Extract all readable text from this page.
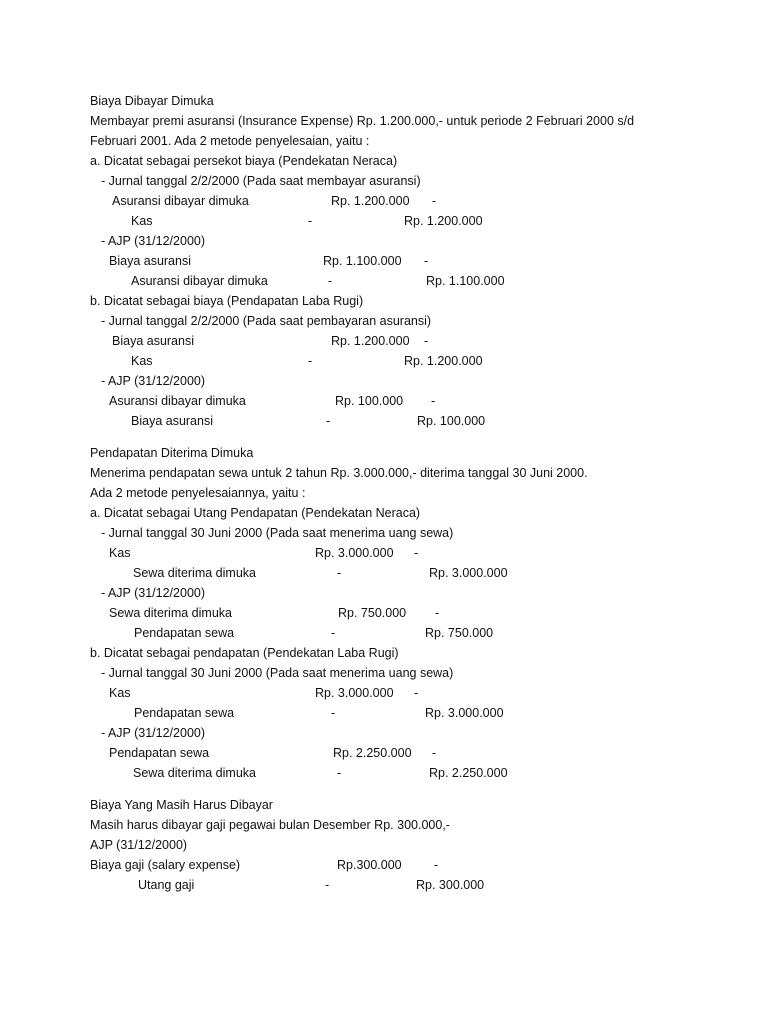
Biaya Dibayar Dimuka
Membayar premi asuransi (Insurance Expense) Rp. 1.200.000,- untuk periode 2 Februari 2000 s/d
Februari 2001. Ada 2 metode penyelesaian, yaitu :
a. Dicatat sebagai persekot biaya (Pendekatan Neraca)
- Jurnal tanggal 2/2/2000 (Pada saat membayar asuransi)
Asuransi dibayar dimuka	Rp. 1.200.000 -
Kas	-	Rp. 1.200.000
- AJP (31/12/2000)
Biaya asuransi	Rp. 1.100.000 -
Asuransi dibayar dimuka	-	Rp. 1.100.000
b. Dicatat sebagai biaya (Pendapatan Laba Rugi)
- Jurnal tanggal 2/2/2000 (Pada saat pembayaran asuransi)
Biaya asuransi	Rp. 1.200.000 -
Kas	-	Rp. 1.200.000
- AJP (31/12/2000)
Asuransi dibayar dimuka	Rp. 100.000 -
Biaya asuransi	-	Rp. 100.000
Pendapatan Diterima Dimuka
Menerima pendapatan sewa untuk 2 tahun Rp. 3.000.000,- diterima tanggal 30 Juni 2000.
Ada 2 metode penyelesaiannya, yaitu :
a. Dicatat sebagai Utang Pendapatan (Pendekatan Neraca)
- Jurnal tanggal 30 Juni 2000 (Pada saat menerima uang sewa)
Kas	Rp. 3.000.000 -
Sewa diterima dimuka	-	Rp. 3.000.000
- AJP (31/12/2000)
Sewa diterima dimuka	Rp. 750.000 -
Pendapatan sewa	-	Rp. 750.000
b. Dicatat sebagai pendapatan (Pendekatan Laba Rugi)
- Jurnal tanggal 30 Juni 2000 (Pada saat menerima uang sewa)
Kas	Rp. 3.000.000 -
Pendapatan sewa	-	Rp. 3.000.000
- AJP (31/12/2000)
Pendapatan sewa	Rp. 2.250.000 -
Sewa diterima dimuka	-	Rp. 2.250.000
Biaya Yang Masih Harus Dibayar
Masih harus dibayar gaji pegawai bulan Desember Rp. 300.000,-
AJP (31/12/2000)
Biaya gaji (salary expense)	Rp.300.000	-
Utang gaji	-	Rp. 300.000
